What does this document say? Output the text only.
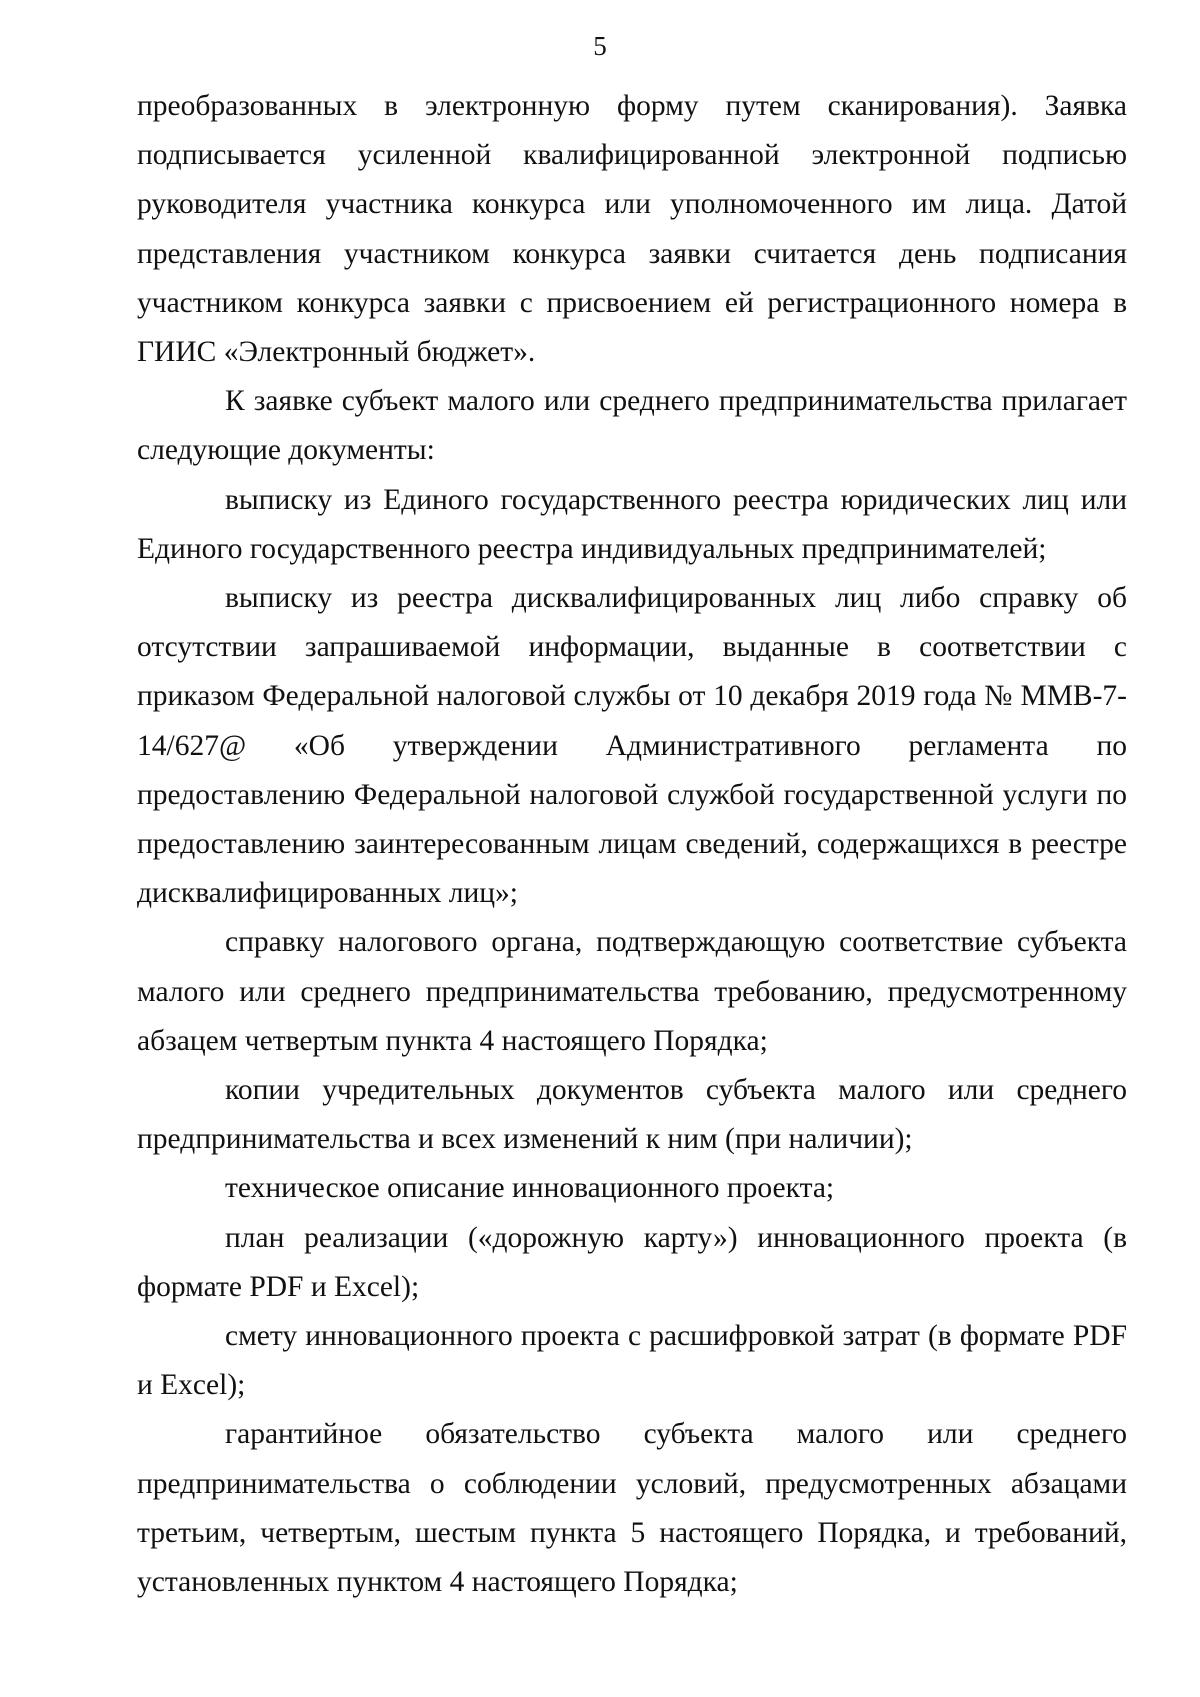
5

преобразованных в электронную форму путем сканирования). Заявка подписывается усиленной квалифицированной электронной подписью руководителя участника конкурса или уполномоченного им лица. Датой представления участником конкурса заявки считается день подписания участником конкурса заявки с присвоением ей регистрационного номера в ГИИС «Электронный бюджет».

К заявке субъект малого или среднего предпринимательства прилагает следующие документы:

выписку из Единого государственного реестра юридических лиц или Единого государственного реестра индивидуальных предпринимателей;

выписку из реестра дисквалифицированных лиц либо справку об отсутствии запрашиваемой информации, выданные в соответствии с приказом Федеральной налоговой службы от 10 декабря 2019 года № ММВ-7-14/627@ «Об утверждении Административного регламента по предоставлению Федеральной налоговой службой государственной услуги по предоставлению заинтересованным лицам сведений, содержащихся в реестре дисквалифицированных лиц»;

справку налогового органа, подтверждающую соответствие субъекта малого или среднего предпринимательства требованию, предусмотренному абзацем четвертым пункта 4 настоящего Порядка;

копии учредительных документов субъекта малого или среднего предпринимательства и всех изменений к ним (при наличии);

техническое описание инновационного проекта;

план реализации («дорожную карту») инновационного проекта (в формате PDF и Excel);

смету инновационного проекта с расшифровкой затрат (в формате PDF и Excel);

гарантийное обязательство субъекта малого или среднего предпринимательства о соблюдении условий, предусмотренных абзацами третьим, четвертым, шестым пункта 5 настоящего Порядка, и требований, установленных пунктом 4 настоящего Порядка;
